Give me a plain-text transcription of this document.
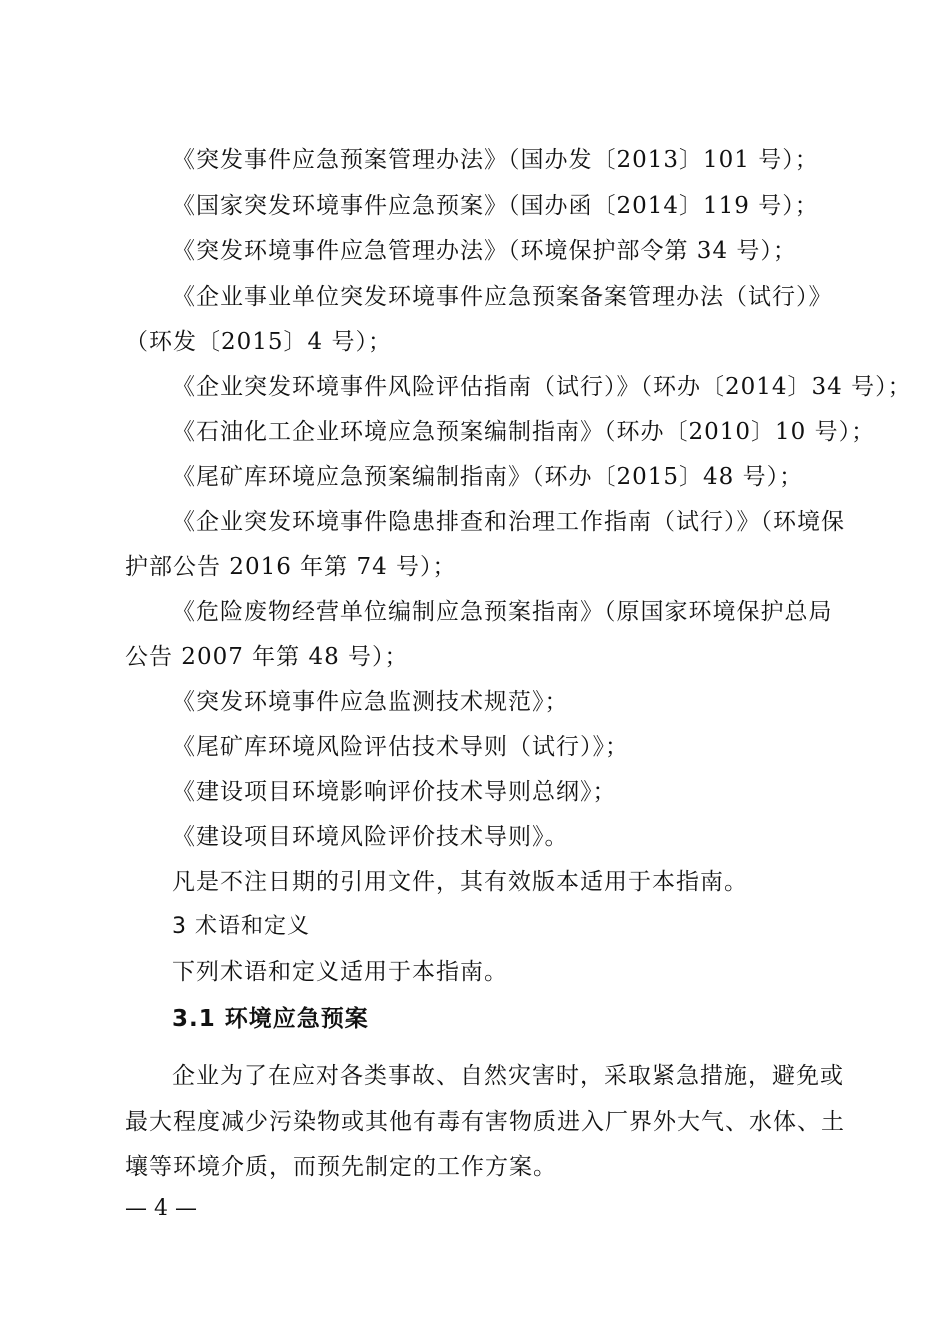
《突发事件应急预案管理办法》（国办发〔2013〕101 号）；
《国家突发环境事件应急预案》（国办函〔2014〕119 号）；
《突发环境事件应急管理办法》（环境保护部令第 34 号）；
《企业事业单位突发环境事件应急预案备案管理办法（试行）》
（环发〔2015〕4 号）；
《企业突发环境事件风险评估指南（试行）》（环办〔2014〕34 号）；
《石油化工企业环境应急预案编制指南》（环办〔2010〕10 号）；
《尾矿库环境应急预案编制指南》（环办〔2015〕48 号）；
《企业突发环境事件隐患排查和治理工作指南（试行）》（环境保
护部公告 2016 年第 74 号）；
《危险废物经营单位编制应急预案指南》（原国家环境保护总局
公告 2007 年第 48 号）；
《突发环境事件应急监测技术规范》；
《尾矿库环境风险评估技术导则（试行）》；
《建设项目环境影响评价技术导则总纲》；
《建设项目环境风险评价技术导则》。
凡是不注日期的引用文件，其有效版本适用于本指南。
3 术语和定义
下列术语和定义适用于本指南。
3.1 环境应急预案
企业为了在应对各类事故、自然灾害时，采取紧急措施，避免或
最大程度减少污染物或其他有毒有害物质进入厂界外大气、水体、土
壤等环境介质，而预先制定的工作方案。
— 4 —
